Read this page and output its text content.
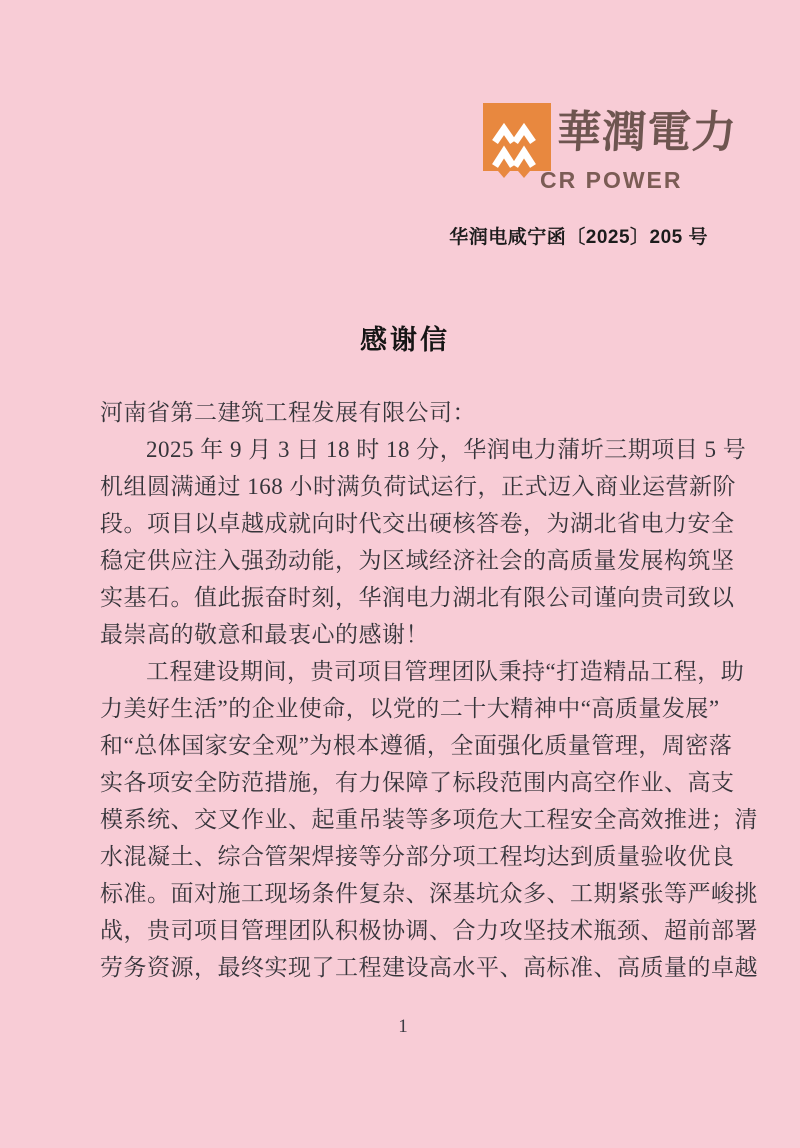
華潤電力
CR POWER
华润电咸宁函〔2025〕205 号
感谢信
河南省第二建筑工程发展有限公司：
2025 年 9 月 3 日 18 时 18 分，华润电力蒲圻三期项目 5 号
机组圆满通过 168 小时满负荷试运行，正式迈入商业运营新阶
段。项目以卓越成就向时代交出硬核答卷，为湖北省电力安全
稳定供应注入强劲动能，为区域经济社会的高质量发展构筑坚
实基石。值此振奋时刻，华润电力湖北有限公司谨向贵司致以
最崇高的敬意和最衷心的感谢！
工程建设期间，贵司项目管理团队秉持“打造精品工程，助
力美好生活”的企业使命，以党的二十大精神中“高质量发展”
和“总体国家安全观”为根本遵循，全面强化质量管理，周密落
实各项安全防范措施，有力保障了标段范围内高空作业、高支
模系统、交叉作业、起重吊装等多项危大工程安全高效推进；清
水混凝土、综合管架焊接等分部分项工程均达到质量验收优良
标准。面对施工现场条件复杂、深基坑众多、工期紧张等严峻挑
战，贵司项目管理团队积极协调、合力攻坚技术瓶颈、超前部署
劳务资源，最终实现了工程建设高水平、高标准、高质量的卓越
1
